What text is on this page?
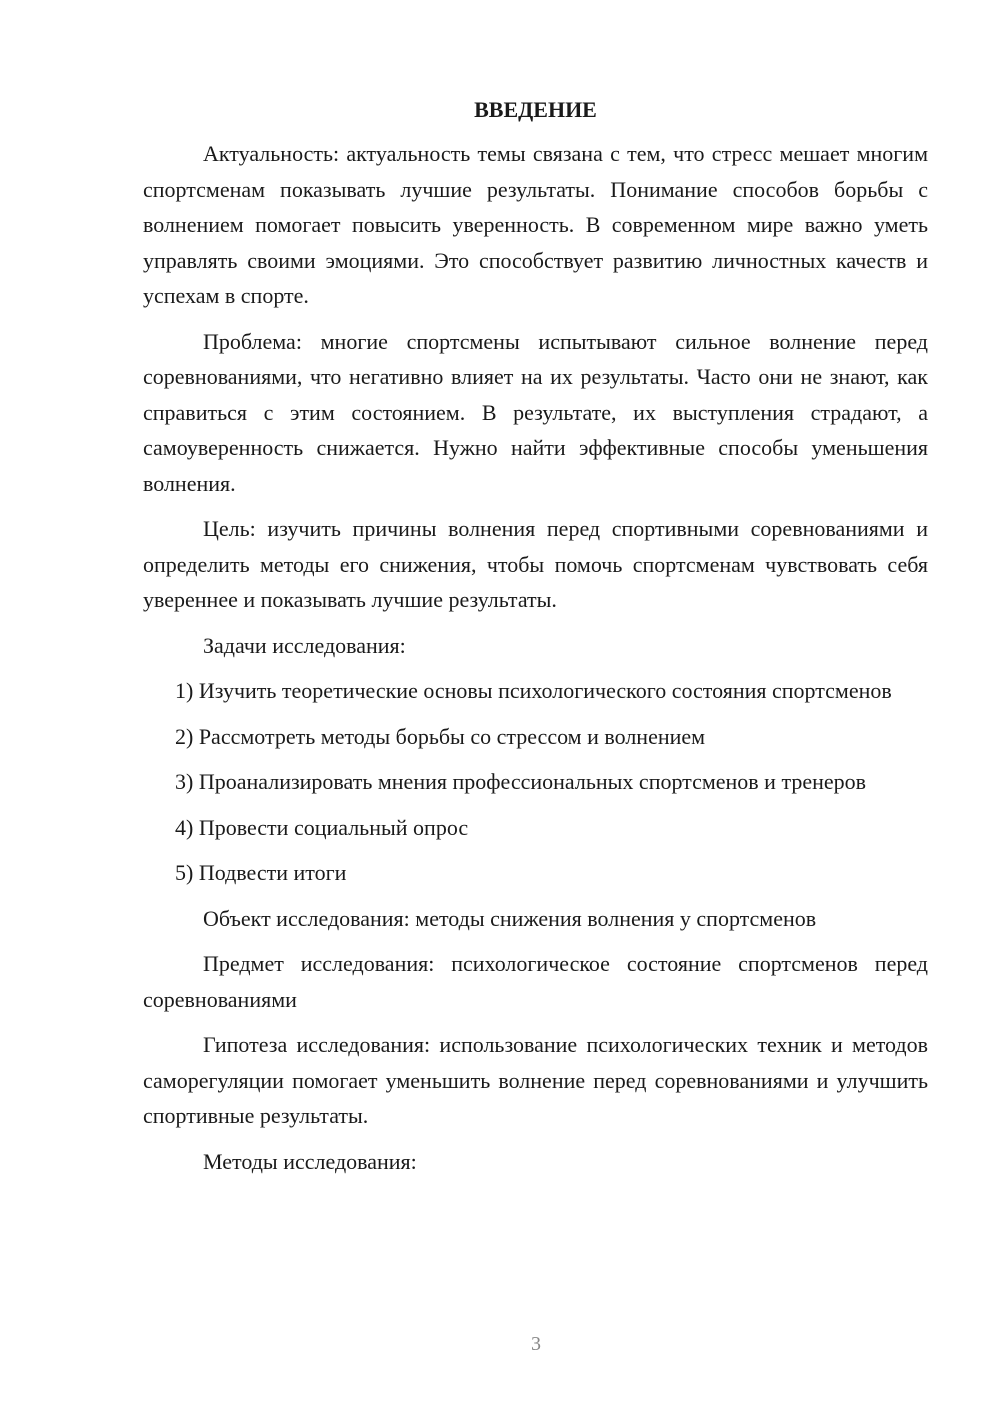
ВВЕДЕНИЕ

Актуальность: актуальность темы связана с тем, что стресс мешает многим спортсменам показывать лучшие результаты. Понимание способов борьбы с волнением помогает повысить уверенность. В современном мире важно уметь управлять своими эмоциями. Это способствует развитию личностных качеств и успехам в спорте.

Проблема: многие спортсмены испытывают сильное волнение перед соревнованиями, что негативно влияет на их результаты. Часто они не знают, как справиться с этим состоянием. В результате, их выступления страдают, а самоуверенность снижается. Нужно найти эффективные способы уменьшения волнения.

Цель: изучить причины волнения перед спортивными соревнованиями и определить методы его снижения, чтобы помочь спортсменам чувствовать себя увереннее и показывать лучшие результаты.

Задачи исследования:

1) Изучить теоретические основы психологического состояния спортсменов

2) Рассмотреть методы борьбы со стрессом и волнением

3) Проанализировать мнения профессиональных спортсменов и тренеров

4) Провести социальный опрос

5) Подвести итоги

Объект исследования: методы снижения волнения у спортсменов

Предмет исследования: психологическое состояние спортсменов перед соревнованиями

Гипотеза исследования: использование психологических техник и методов саморегуляции помогает уменьшить волнение перед соревнованиями и улучшить спортивные результаты.

Методы исследования:

3
